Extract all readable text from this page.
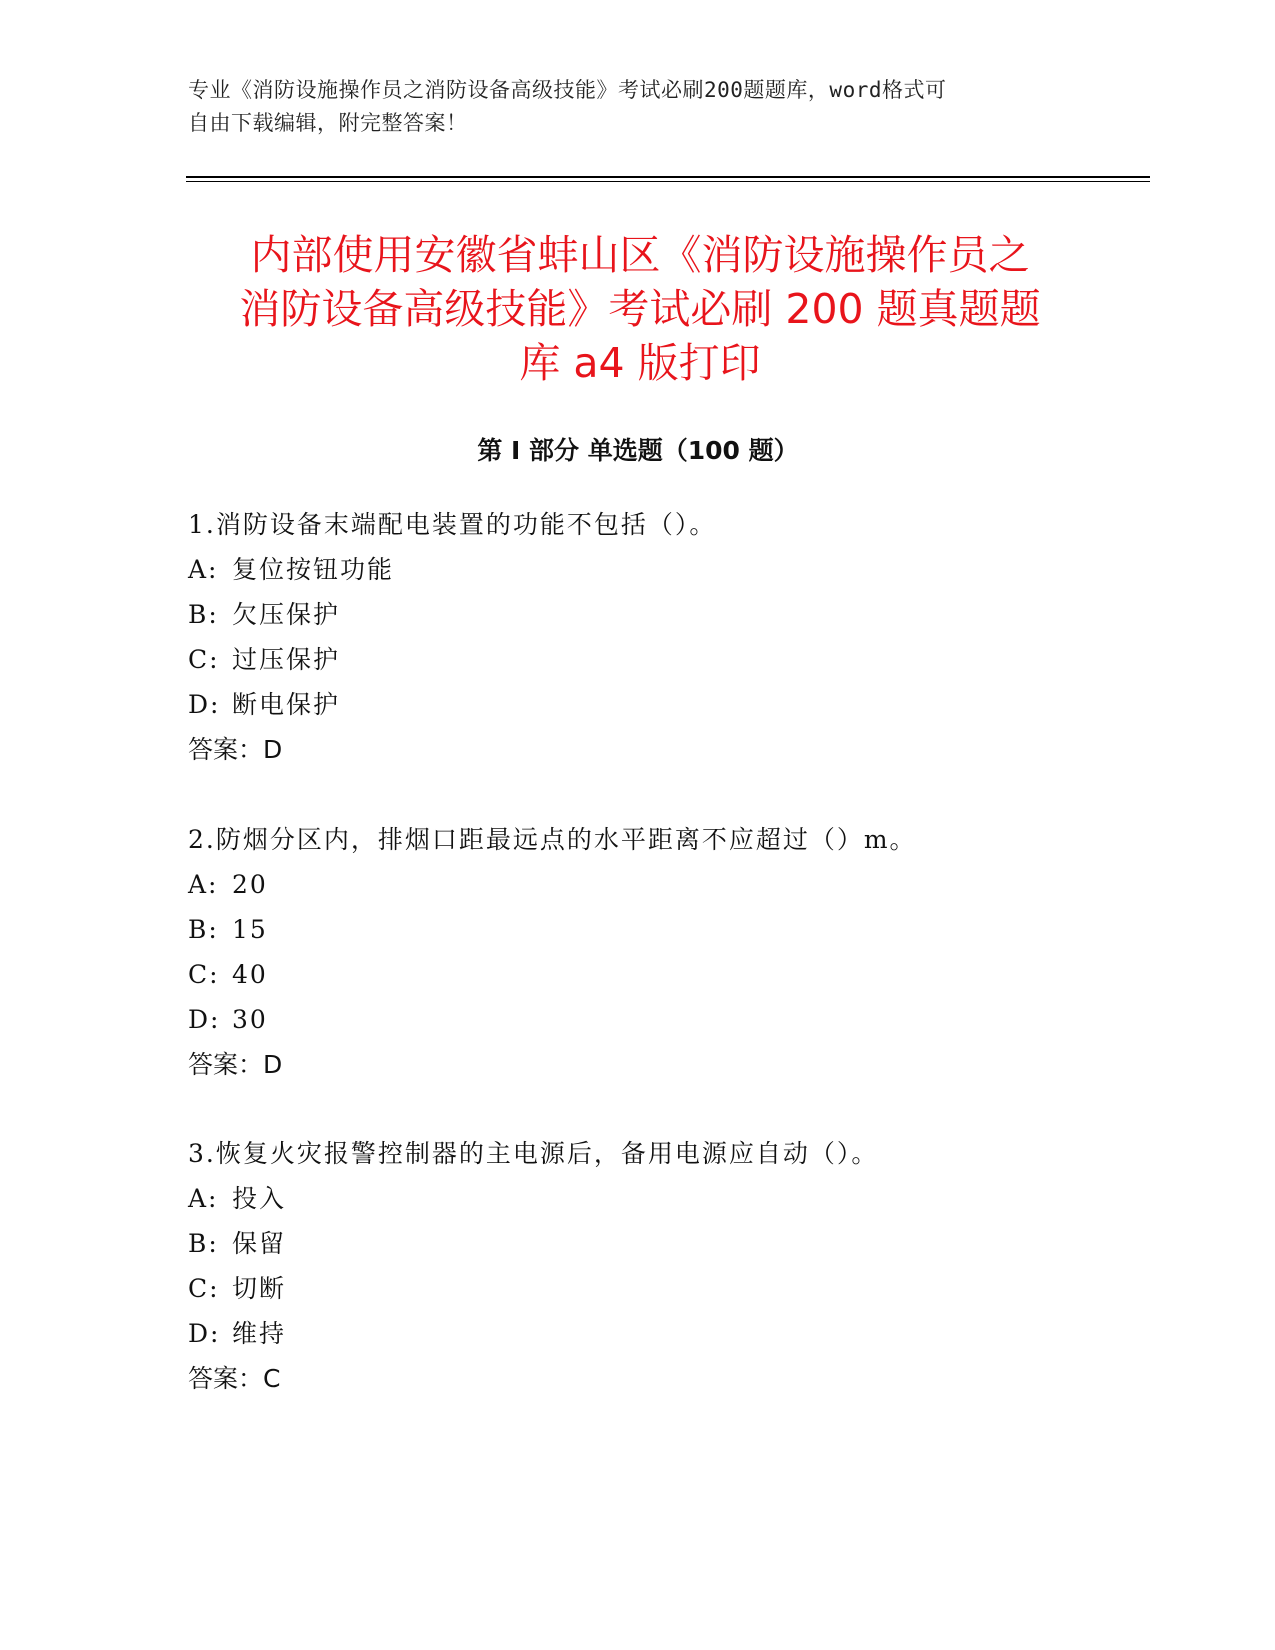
专业《消防设施操作员之消防设备高级技能》考试必刷200题题库，word格式可
自由下载编辑，附完整答案！
内部使用安徽省蚌山区《消防设施操作员之
消防设备高级技能》考试必刷 200 题真题题
库 a4 版打印
第 I 部分 单选题（100 题）
1.消防设备末端配电装置的功能不包括（）。
A: 复位按钮功能
B: 欠压保护
C: 过压保护
D: 断电保护
答案：D
2.防烟分区内，排烟口距最远点的水平距离不应超过（）m。
A: 20
B: 15
C: 40
D: 30
答案：D
3.恢复火灾报警控制器的主电源后，备用电源应自动（）。
A: 投入
B: 保留
C: 切断
D: 维持
答案：C
